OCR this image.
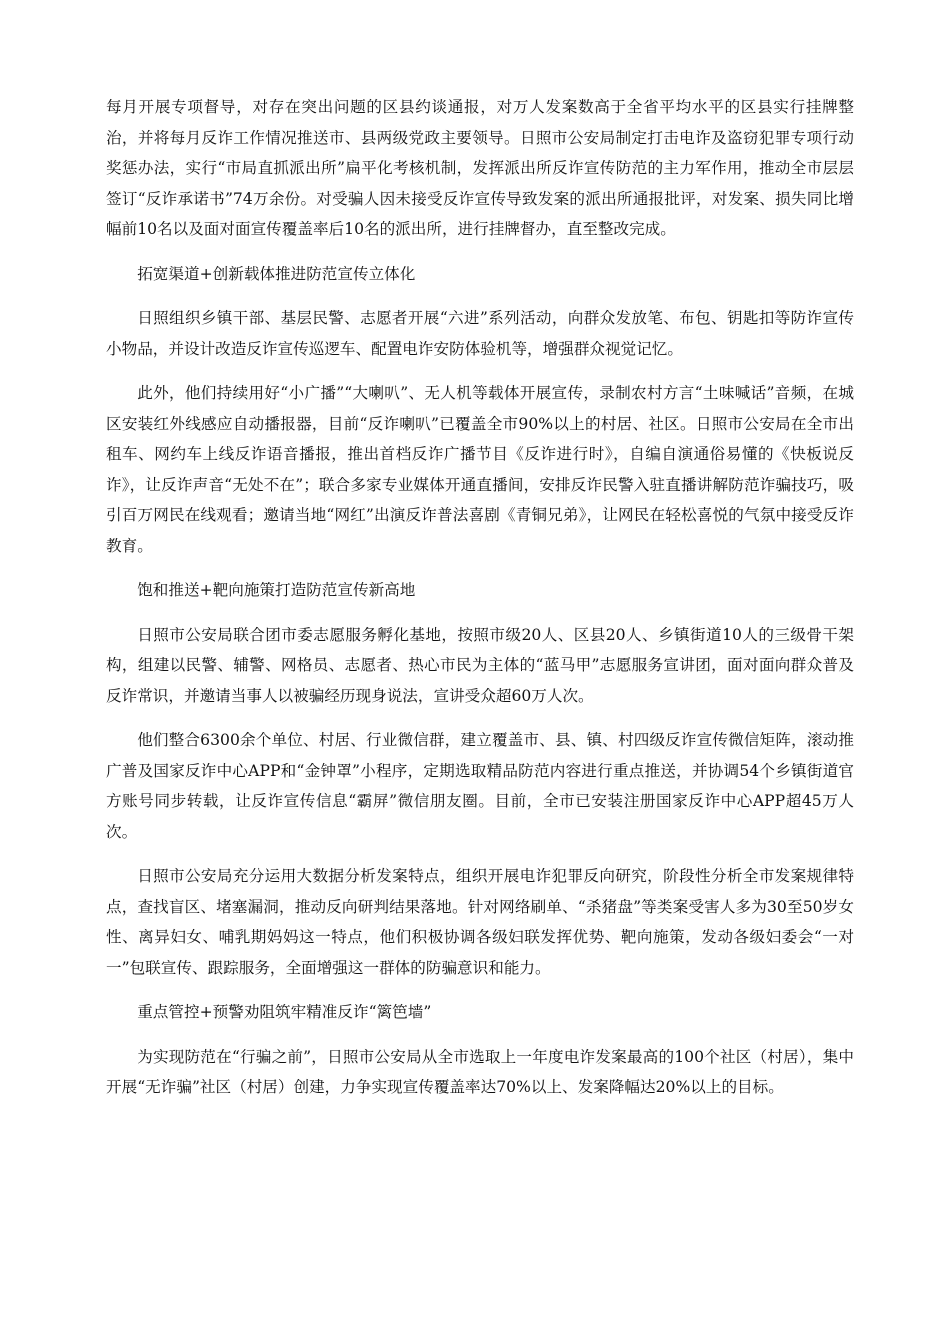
每月开展专项督导，对存在突出问题的区县约谈通报，对万人发案数高于全省平均水平的区县实行挂牌整治，并将每月反诈工作情况推送市、县两级党政主要领导。日照市公安局制定打击电诈及盗窃犯罪专项行动奖惩办法，实行“市局直抓派出所”扁平化考核机制，发挥派出所反诈宣传防范的主力军作用，推动全市层层签订“反诈承诺书”74万余份。对受骗人因未接受反诈宣传导致发案的派出所通报批评，对发案、损失同比增幅前10名以及面对面宣传覆盖率后10名的派出所，进行挂牌督办，直至整改完成。

拓宽渠道+创新载体推进防范宣传立体化

日照组织乡镇干部、基层民警、志愿者开展“六进”系列活动，向群众发放笔、布包、钥匙扣等防诈宣传小物品，并设计改造反诈宣传巡逻车、配置电诈安防体验机等，增强群众视觉记忆。

此外，他们持续用好“小广播”“大喇叭”、无人机等载体开展宣传，录制农村方言“土味喊话”音频，在城区安装红外线感应自动播报器，目前“反诈喇叭”已覆盖全市90%以上的村居、社区。日照市公安局在全市出租车、网约车上线反诈语音播报，推出首档反诈广播节目《反诈进行时》，自编自演通俗易懂的《快板说反诈》，让反诈声音“无处不在”；联合多家专业媒体开通直播间，安排反诈民警入驻直播讲解防范诈骗技巧，吸引百万网民在线观看；邀请当地“网红”出演反诈普法喜剧《青铜兄弟》，让网民在轻松喜悦的气氛中接受反诈教育。

饱和推送+靶向施策打造防范宣传新高地

日照市公安局联合团市委志愿服务孵化基地，按照市级20人、区县20人、乡镇街道10人的三级骨干架构，组建以民警、辅警、网格员、志愿者、热心市民为主体的“蓝马甲”志愿服务宣讲团，面对面向群众普及反诈常识，并邀请当事人以被骗经历现身说法，宣讲受众超60万人次。

他们整合6300余个单位、村居、行业微信群，建立覆盖市、县、镇、村四级反诈宣传微信矩阵，滚动推广普及国家反诈中心APP和“金钟罩”小程序，定期选取精品防范内容进行重点推送，并协调54个乡镇街道官方账号同步转载，让反诈宣传信息“霸屏”微信朋友圈。目前，全市已安装注册国家反诈中心APP超45万人次。

日照市公安局充分运用大数据分析发案特点，组织开展电诈犯罪反向研究，阶段性分析全市发案规律特点，查找盲区、堵塞漏洞，推动反向研判结果落地。针对网络刷单、“杀猪盘”等类案受害人多为30至50岁女性、离异妇女、哺乳期妈妈这一特点，他们积极协调各级妇联发挥优势、靶向施策，发动各级妇委会“一对一”包联宣传、跟踪服务，全面增强这一群体的防骗意识和能力。

重点管控+预警劝阻筑牢精准反诈“篱笆墙”

为实现防范在“行骗之前”，日照市公安局从全市选取上一年度电诈发案最高的100个社区（村居），集中开展“无诈骗”社区（村居）创建，力争实现宣传覆盖率达70%以上、发案降幅达20%以上的目标。
